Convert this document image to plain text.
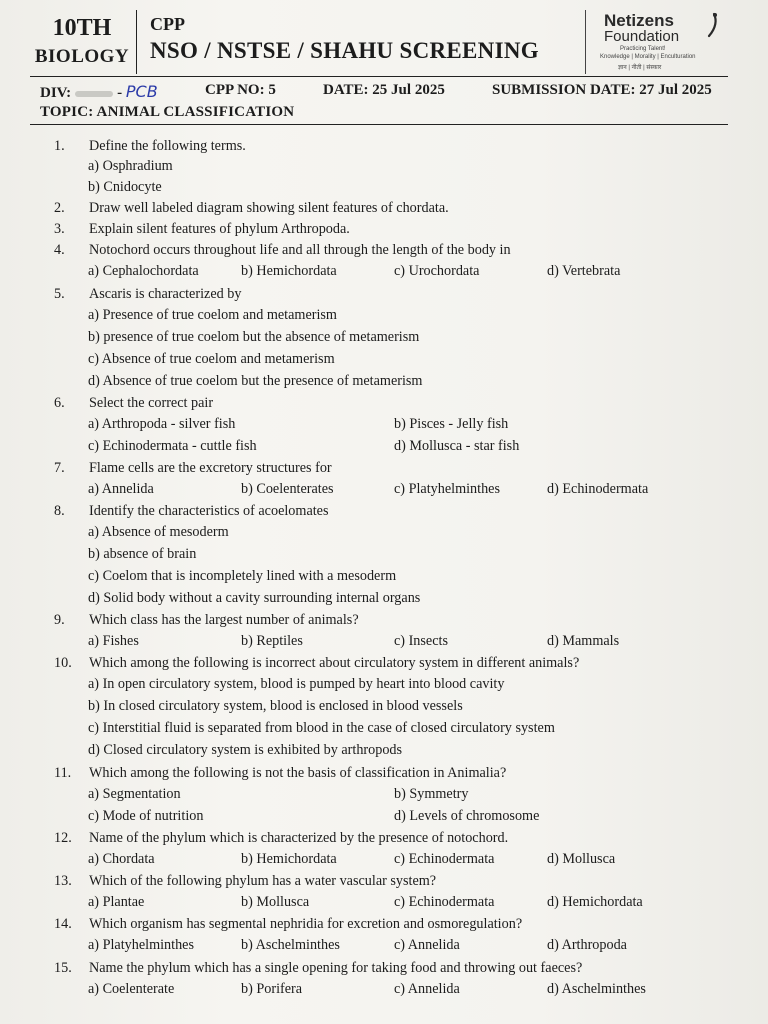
10TH
BIOLOGY
CPP
NSO / NSTSE / SHAHU SCREENING
Netizens
Foundation
Practicing Talent!
Knowledge | Morality | Enculturation
ज्ञान | नीती | संस्कार
DIV:	- PCB	CPP NO: 5	DATE: 25 Jul 2025	SUBMISSION DATE: 27 Jul 2025
TOPIC: ANIMAL CLASSIFICATION
1.	Define the following terms.
a) Osphradium
b) Cnidocyte
2.	Draw well labeled diagram showing silent features of chordata.
3.	Explain silent features of phylum Arthropoda.
4.	Notochord occurs throughout life and all through the length of the body in
a) Cephalochordata	b) Hemichordata	c) Urochordata	d) Vertebrata
5.	Ascaris is characterized by
a) Presence of true coelom and metamerism
b) presence of true coelom but the absence of metamerism
c) Absence of true coelom and metamerism
d) Absence of true coelom but the presence of metamerism
6.	Select the correct pair
a) Arthropoda - silver fish	b) Pisces - Jelly fish
c) Echinodermata - cuttle fish	d) Mollusca - star fish
7.	Flame cells are the excretory structures for
a) Annelida	b) Coelenterates	c) Platyhelminthes	d) Echinodermata
8.	Identify the characteristics of acoelomates
a) Absence of mesoderm
b) absence of brain
c) Coelom that is incompletely lined with a mesoderm
d) Solid body without a cavity surrounding internal organs
9.	Which class has the largest number of animals?
a) Fishes	b) Reptiles	c) Insects	d) Mammals
10.	Which among the following is incorrect about circulatory system in different animals?
a) In open circulatory system, blood is pumped by heart into blood cavity
b) In closed circulatory system, blood is enclosed in blood vessels
c) Interstitial fluid is separated from blood in the case of closed circulatory system
d) Closed circulatory system is exhibited by arthropods
11.	Which among the following is not the basis of classification in Animalia?
a) Segmentation	b) Symmetry
c) Mode of nutrition	d) Levels of chromosome
12.	Name of the phylum which is characterized by the presence of notochord.
a) Chordata	b) Hemichordata	c) Echinodermata	d) Mollusca
13.	Which of the following phylum has a water vascular system?
a) Plantae	b) Mollusca	c) Echinodermata	d) Hemichordata
14.	Which organism has segmental nephridia for excretion and osmoregulation?
a) Platyhelminthes	b) Aschelminthes	c) Annelida	d) Arthropoda
15.	Name the phylum which has a single opening for taking food and throwing out faeces?
a) Coelenterate	b) Porifera	c) Annelida	d) Aschelminthes
